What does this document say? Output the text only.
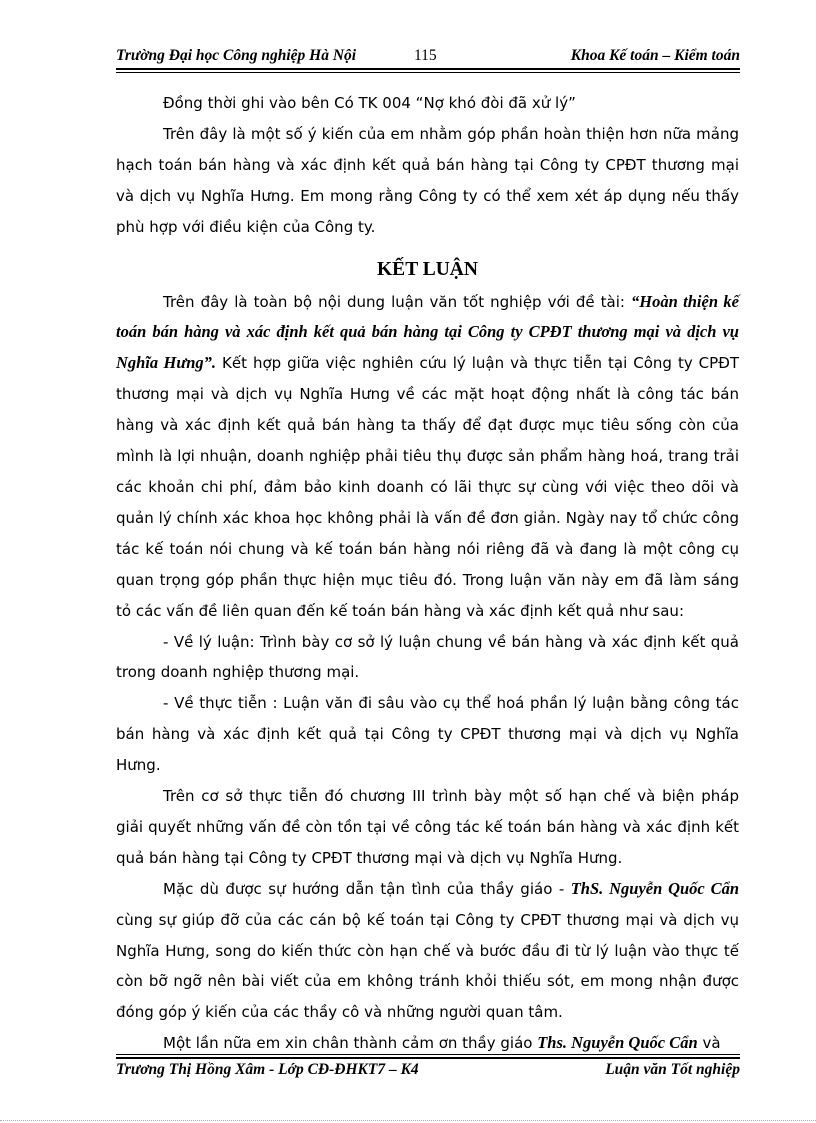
Trường Đại học Công nghiệp Hà Nội	115	Khoa Kế toán – Kiểm toán

Đồng thời ghi vào bên Có TK 004 “Nợ khó đòi đã xử lý”

Trên đây là một số ý kiến của em nhằm góp phần hoàn thiện hơn nữa mảng hạch toán bán hàng và xác định kết quả bán hàng tại Công ty CPĐT thương mại và dịch vụ Nghĩa Hưng. Em mong rằng Công ty có thể xem xét áp dụng nếu thấy phù hợp với điều kiện của Công ty.

KẾT LUẬN

Trên đây là toàn bộ nội dung luận văn tốt nghiệp với đề tài: “Hoàn thiện kế toán bán hàng và xác định kết quả bán hàng tại Công ty CPĐT thương mại và dịch vụ Nghĩa Hưng”. Kết hợp giữa việc nghiên cứu lý luận và thực tiễn tại Công ty CPĐT thương mại và dịch vụ Nghĩa Hưng về các mặt hoạt động nhất là công tác bán hàng và xác định kết quả bán hàng ta thấy để đạt được mục tiêu sống còn của mình là lợi nhuận, doanh nghiệp phải tiêu thụ được sản phẩm hàng hoá, trang trải các khoản chi phí, đảm bảo kinh doanh có lãi thực sự cùng với việc theo dõi và quản lý chính xác khoa học không phải là vấn đề đơn giản. Ngày nay tổ chức công tác kế toán nói chung và kế toán bán hàng nói riêng đã và đang là một công cụ quan trọng góp phần thực hiện mục tiêu đó. Trong luận văn này em đã làm sáng tỏ các vấn đề liên quan đến kế toán bán hàng và xác định kết quả như sau:

- Về lý luận: Trình bày cơ sở lý luận chung về bán hàng và xác định kết quả trong doanh nghiệp thương mại.

- Về thực tiễn : Luận văn đi sâu vào cụ thể hoá phần lý luận bằng công tác bán hàng và xác định kết quả tại Công ty CPĐT thương mại và dịch vụ Nghĩa Hưng.

Trên cơ sở thực tiễn đó chương III trình bày một số hạn chế và biện pháp giải quyết những vấn đề còn tồn tại về công tác kế toán bán hàng và xác định kết quả bán hàng tại Công ty CPĐT thương mại và dịch vụ Nghĩa Hưng.

Mặc dù được sự hướng dẫn tận tình của thầy giáo - ThS. Nguyễn Quốc Cẩn cùng sự giúp đỡ của các cán bộ kế toán tại Công ty CPĐT thương mại và dịch vụ Nghĩa Hưng, song do kiến thức còn hạn chế và bước đầu đi từ lý luận vào thực tế còn bỡ ngỡ nên bài viết của em không tránh khỏi thiếu sót, em mong nhận được đóng góp ý kiến của các thầy cô và những người quan tâm.

Một lần nữa em xin chân thành cảm ơn thầy giáo Ths. Nguyễn Quốc Cẩn và

Trương Thị Hồng Xâm - Lớp CĐ-ĐHKT7 – K4	Luận văn Tốt nghiệp
